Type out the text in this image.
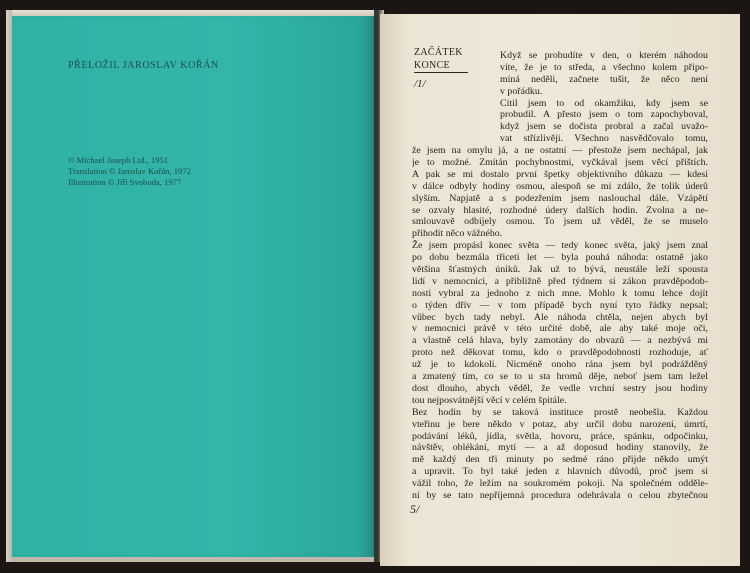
PŘELOŽIL JAROSLAV KOŘÁN
© Michael Joseph Ltd., 1951
Translation © Jaroslav Kořán, 1972
Illustration © Jiří Svoboda, 1977
ZAČÁTEK
KONCE
/1/
Když se probudíte v den, o kterém náhodou
víte, že je to středa, a všechno kolem připo-
míná neděli, začnete tušit, že něco není
v pořádku.
Cítil jsem to od okamžiku, kdy jsem se
probudil. A přesto jsem o tom zapochyboval,
když jsem se dočista probral a začal uvažo-
vat střízlivěji. Všechno nasvědčovalo tomu,
že jsem na omylu já, a ne ostatní — přestože jsem nechápal, jak
je to možné. Zmítán pochybnostmi, vyčkával jsem věcí příštích.
A pak se mi dostalo první špetky objektivního důkazu — kdesi
v dálce odbyly hodiny osmou, alespoň se mi zdálo, že tolik úderů
slyším. Napjatě a s podezřením jsem naslouchal dále. Vzápětí
se ozvaly hlasité, rozhodné údery dalších hodin. Zvolna a ne-
smlouvavě odbíjely osmou. To jsem už věděl, že se muselo
přihodit něco vážného.
Že jsem propásl konec světa — tedy konec světa, jaký jsem znal
po dobu bezmála třiceti let — byla pouhá náhoda: ostatně jako
většina šťastných úniků. Jak už to bývá, neustále leží spousta
lidí v nemocnici, a přibližně před týdnem si zákon pravděpodob-
nosti vybral za jednoho z nich mne. Mohlo k tomu lehce dojít
o týden dřív — v tom případě bych nyní tyto řádky nepsal;
vůbec bych tady nebyl. Ale náhoda chtěla, nejen abych byl
v nemocnici právě v této určité době, ale aby také moje oči,
a vlastně celá hlava, byly zamotány do obvazů — a nezbývá mi
proto než děkovat tomu, kdo o pravděpodobnosti rozhoduje, ať
už je to kdokoli. Nicméně onoho rána jsem byl podrážděný
a zmatený tím, co se to u sta hromů děje, neboť jsem tam ležel
dost dlouho, abych věděl, že vedle vrchní sestry jsou hodiny
tou nejposvátnější věcí v celém špitále.
Bez hodin by se taková instituce prostě neobešla. Každou
vteřinu je bere někdo v potaz, aby určil dobu narození, úmrtí,
podávání léků, jídla, světla, hovoru, práce, spánku, odpočinku,
návštěv, oblékání, mytí — a až doposud hodiny stanovily, že
mě každý den tři minuty po sedmé ráno přijde někdo umýt
a upravit. To byl také jeden z hlavních důvodů, proč jsem si
vážil toho, že ležím na soukromém pokoji. Na společném odděle-
ní by se tato nepříjemná procedura odehrávala o celou zbytečnou
5/
